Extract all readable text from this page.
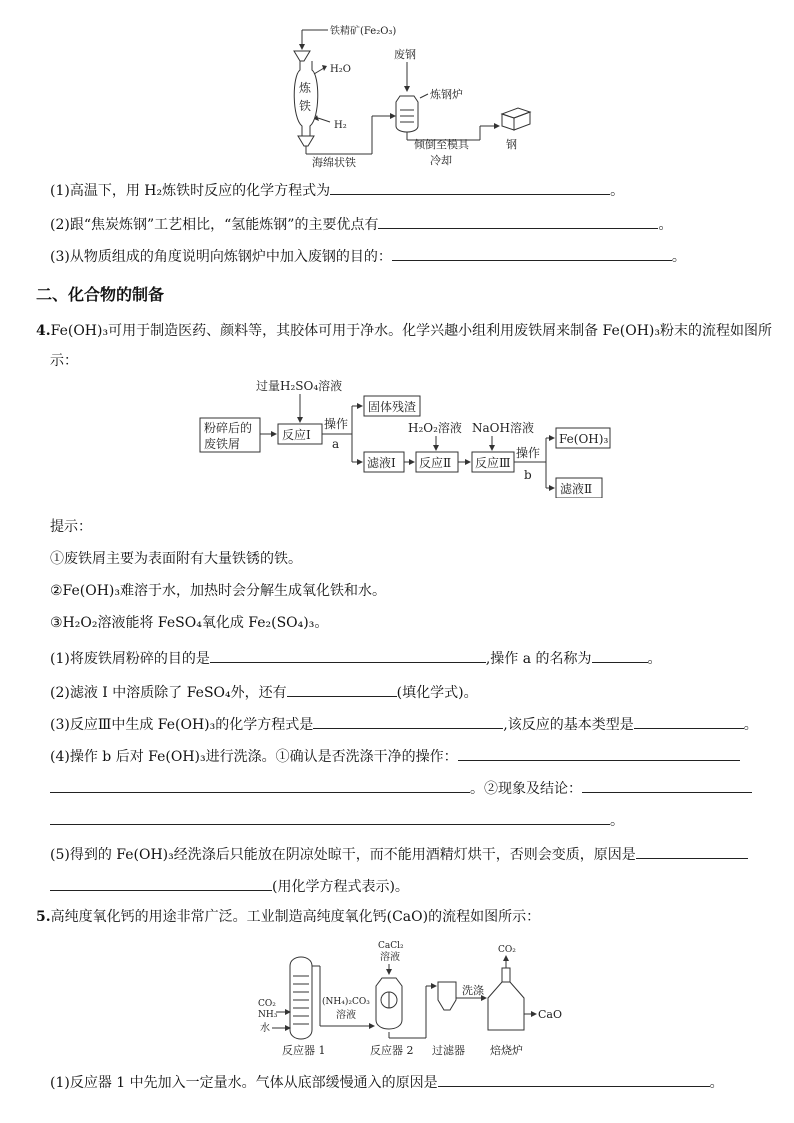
铁精矿(Fe₂O₃)
炼
铁
H₂O
H₂
海绵状铁
废钢
炼钢炉
倾倒至模具
冷却
钢
(1)高温下，用 H₂炼铁时反应的化学方程式为	。
(2)跟“焦炭炼钢”工艺相比，“氢能炼钢”的主要优点有	。
(3)从物质组成的角度说明向炼钢炉中加入废钢的目的：	。
二、化合物的制备
4.Fe(OH)₃可用于制造医药、颜料等，其胶体可用于净水。化学兴趣小组利用废铁屑来制备 Fe(OH)₃粉末的流程如图所
示：
过量H₂SO₄溶液
粉碎后的
废铁屑
反应Ⅰ
操作
a
固体残渣
滤液Ⅰ
H₂O₂溶液
反应Ⅱ
NaOH溶液
反应Ⅲ
操作
b
Fe(OH)₃
滤液Ⅱ
提示：
①废铁屑主要为表面附有大量铁锈的铁。
②Fe(OH)₃难溶于水，加热时会分解生成氧化铁和水。
③H₂O₂溶液能将 FeSO₄氧化成 Fe₂(SO₄)₃。
(1)将废铁屑粉碎的目的是	,操作 a 的名称为	。
(2)滤液 I 中溶质除了 FeSO₄外，还有	(填化学式)。
(3)反应Ⅲ中生成 Fe(OH)₃的化学方程式是	,该反应的基本类型是	。
(4)操作 b 后对 Fe(OH)₃进行洗涤。①确认是否洗涤干净的操作：
。②现象及结论：
。
(5)得到的 Fe(OH)₃经洗涤后只能放在阴凉处晾干，而不能用酒精灯烘干，否则会变质，原因是
(用化学方程式表示)。
5.高纯度氧化钙的用途非常广泛。工业制造高纯度氧化钙(CaO)的流程如图所示：
CO₂
NH₃
水
反应器 1
(NH₄)₂CO₃
溶液
CaCl₂
溶液
反应器 2 过滤器
洗涤
CO₂
焙烧炉
CaO
(1)反应器 1 中先加入一定量水。气体从底部缓慢通入的原因是	。
